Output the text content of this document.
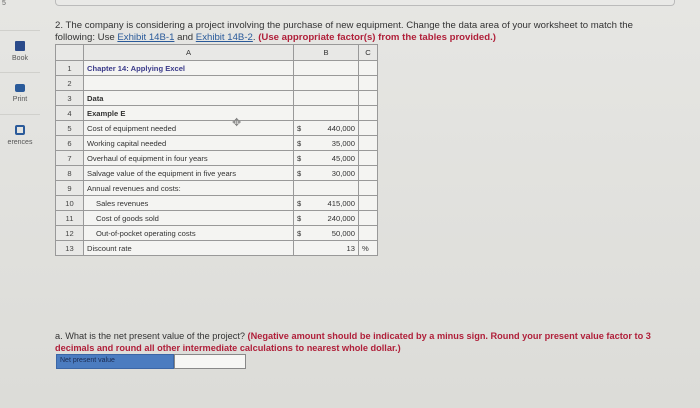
5
Book
Print
erences
2. The company is considering a project involving the purchase of new equipment. Change the data area of your worksheet to match the following: Use Exhibit 14B-1 and Exhibit 14B-2. (Use appropriate factor(s) from the tables provided.)
	A	B	C
1	Chapter 14: Applying Excel	

2		

3	Data	

4	Example E	

5	Cost of equipment needed	$ 440,000	

6	Working capital needed	$ 35,000	

7	Overhaul of equipment in four years	$ 45,000	

8	Salvage value of the equipment in five years	$ 30,000	

9	Annual revenues and costs:	

10	Sales revenues	$ 415,000	

11	Cost of goods sold	$ 240,000	

12	Out-of-pocket operating costs	$ 50,000	

13	Discount rate	13	%
✥
a. What is the net present value of the project? (Negative amount should be indicated by a minus sign. Round your present value factor to 3 decimals and round all other intermediate calculations to nearest whole dollar.)
Net present value
